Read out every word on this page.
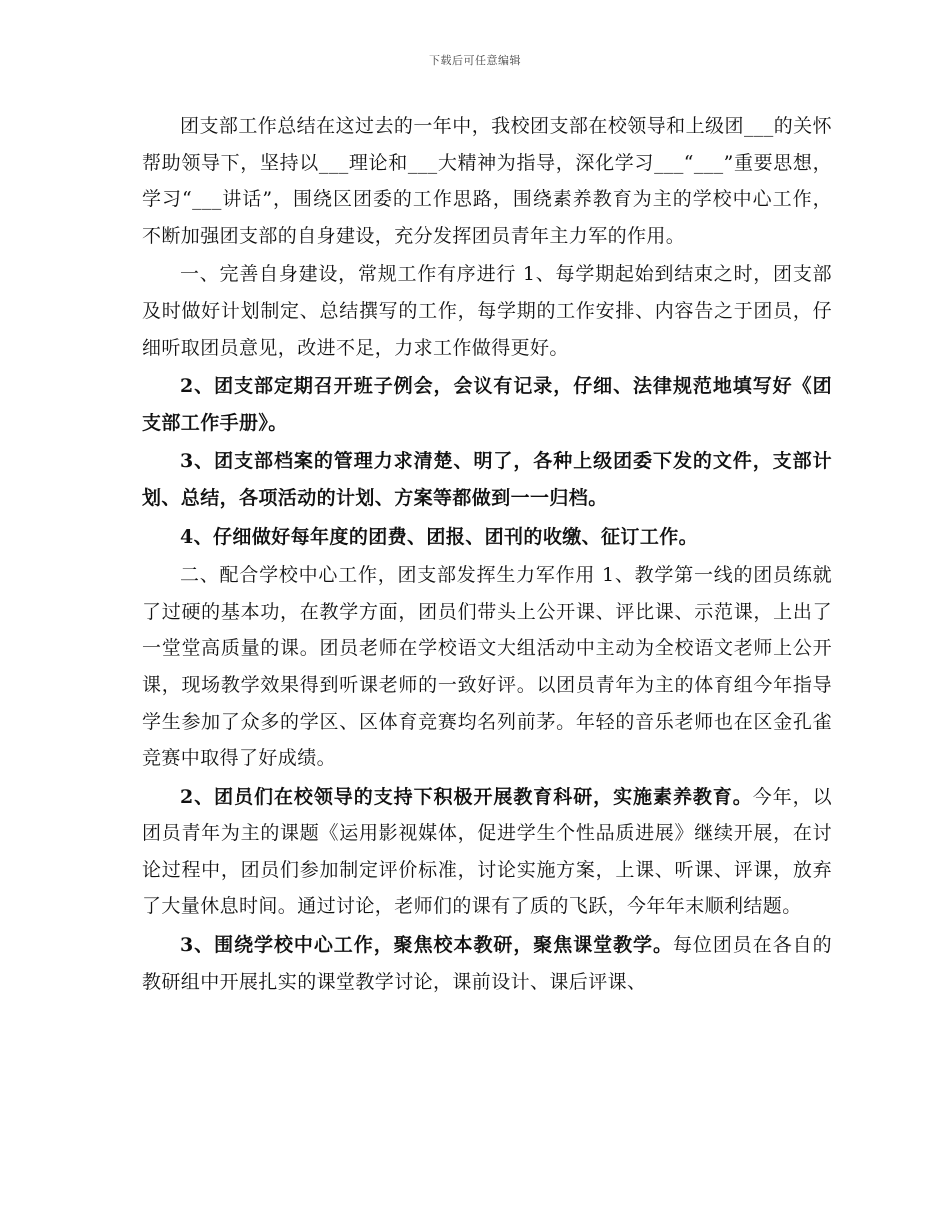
下载后可任意编辑

团支部工作总结在这过去的一年中，我校团支部在校领导和上级团___的关怀帮助领导下，坚持以___理论和___大精神为指导，深化学习___“___”重要思想，学习“___讲话”，围绕区团委的工作思路，围绕素养教育为主的学校中心工作，不断加强团支部的自身建设，充分发挥团员青年主力军的作用。

一、完善自身建设，常规工作有序进行 1、每学期起始到结束之时，团支部及时做好计划制定、总结撰写的工作，每学期的工作安排、内容告之于团员，仔细听取团员意见，改进不足，力求工作做得更好。

2、团支部定期召开班子例会，会议有记录，仔细、法律规范地填写好《团支部工作手册》。

3、团支部档案的管理力求清楚、明了，各种上级团委下发的文件，支部计划、总结，各项活动的计划、方案等都做到一一归档。

4、仔细做好每年度的团费、团报、团刊的收缴、征订工作。

二、配合学校中心工作，团支部发挥生力军作用 1、教学第一线的团员练就了过硬的基本功，在教学方面，团员们带头上公开课、评比课、示范课，上出了一堂堂高质量的课。团员老师在学校语文大组活动中主动为全校语文老师上公开课，现场教学效果得到听课老师的一致好评。以团员青年为主的体育组今年指导学生参加了众多的学区、区体育竞赛均名列前茅。年轻的音乐老师也在区金孔雀竞赛中取得了好成绩。

2、团员们在校领导的支持下积极开展教育科研，实施素养教育。今年，以团员青年为主的课题《运用影视媒体，促进学生个性品质进展》继续开展，在讨论过程中，团员们参加制定评价标准，讨论实施方案，上课、听课、评课，放弃了大量休息时间。通过讨论，老师们的课有了质的飞跃，今年年末顺利结题。

3、围绕学校中心工作，聚焦校本教研，聚焦课堂教学。每位团员在各自的教研组中开展扎实的课堂教学讨论，课前设计、课后评课、
